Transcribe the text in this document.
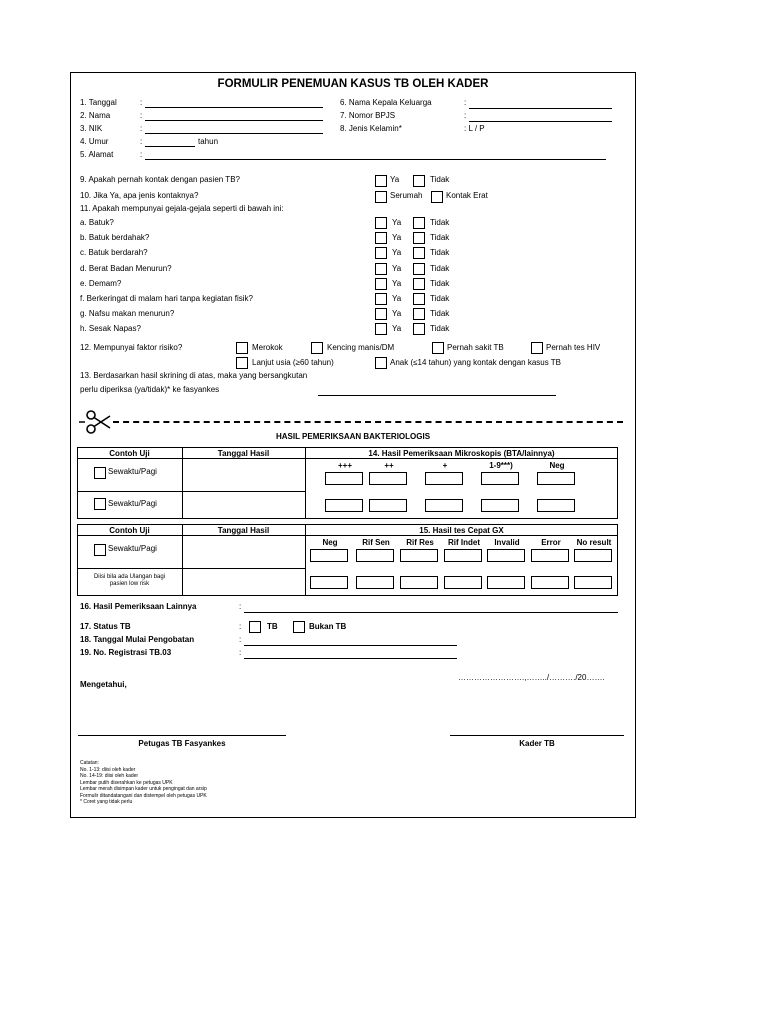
FORMULIR PENEMUAN KASUS TB OLEH KADER
1. Tanggal	:
2. Nama	:
3. NIK	:
4. Umur	:	tahun
5. Alamat	:
6. Nama Kepala Keluarga	:
7. Nomor BPJS	:
8. Jenis Kelamin*	: L / P
9. Apakah pernah kontak dengan pasien TB?	Ya	Tidak
10. Jika Ya, apa jenis kontaknya?	Serumah	Kontak Erat
11. Apakah mempunyai gejala-gejala seperti di bawah ini:
a. Batuk?	Ya	Tidak
b. Batuk berdahak?	Ya	Tidak
c. Batuk berdarah?	Ya	Tidak
d. Berat Badan Menurun?	Ya	Tidak
e. Demam?	Ya	Tidak
f. Berkeringat di malam hari tanpa kegiatan fisik?	Ya	Tidak
g. Nafsu makan menurun?	Ya	Tidak
h. Sesak Napas?	Ya	Tidak
12. Mempunyai faktor risiko?	Merokok	Kencing manis/DM	Pernah sakit TB	Pernah tes HIV
Lanjut usia (≥60 tahun)	Anak (≤14 tahun) yang kontak dengan kasus TB
13. Berdasarkan hasil skrining di atas, maka yang bersangkutan
perlu diperiksa (ya/tidak)* ke fasyankes
HASIL PEMERIKSAAN BAKTERIOLOGIS
Contoh Uji	Tanggal Hasil	14. Hasil Pemeriksaan Mikroskopis (BTA/lainnya)
+++	++	+	1-9***)	Neg
Sewaktu/Pagi
Sewaktu/Pagi
Contoh Uji	Tanggal Hasil	15. Hasil tes Cepat GX
Neg	Rif Sen	Rif Res	Rif Indet	Invalid	Error	No result
Sewaktu/Pagi
Diisi bila ada Ulangan bagi
pasien low risk
16. Hasil Pemeriksaan Lainnya	:
17. Status TB	:	TB	Bukan TB
18. Tanggal Mulai Pengobatan	:
19. No. Registrasi TB.03	:
…………………….,……../………./20…….
Mengetahui,
Petugas TB Fasyankes	Kader TB
Catatan:
No. 1-13: diisi oleh kader
No. 14-19: diisi oleh kader
Lembar putih diserahkan ke petugas UPK
Lembar merah disimpan kader untuk pengingat dan arsip
Formulir ditandatangani dan distempel oleh petugas UPK
* Coret yang tidak perlu
